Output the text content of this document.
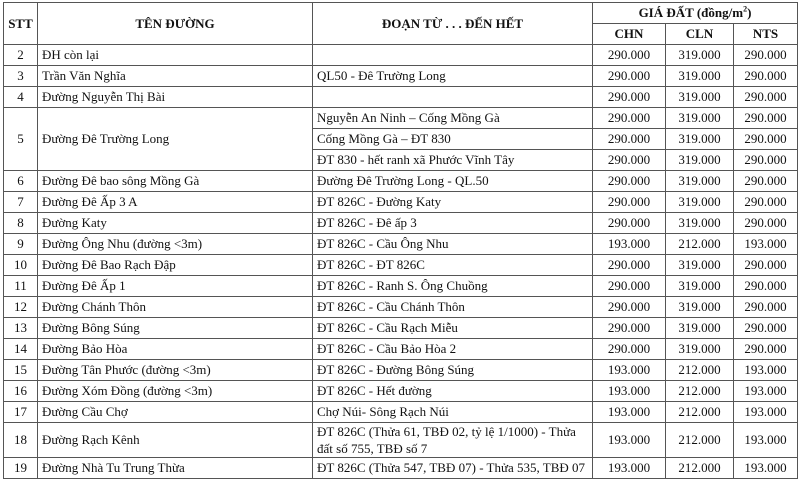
STT	TÊN ĐƯỜNG	ĐOẠN TỪ . . . ĐẾN HẾT	GIÁ ĐẤT $(đồng/m^2)$		
			CHN	CLN	NTS
2	ĐH còn lại		290.000	319.000	290.000
3	Trần Văn Nghĩa	QL50 - Đê Trường Long	290.000	319.000	290.000
4	Đường Nguyễn Thị Bài		290.000	319.000	290.000
5	Đường Đê Trường Long	Nguyễn An Ninh – Cống Mồng Gà	290.000	319.000	290.000
		Cống Mồng Gà – ĐT 830	290.000	319.000	290.000
		ĐT 830 - hết ranh xã Phước Vĩnh Tây	290.000	319.000	290.000
6	Đường Đê bao sông Mồng Gà	Đường Đê Trường Long - QL.50	290.000	319.000	290.000
7	Đường Đê Ấp 3 A	ĐT 826C - Đường Katy	290.000	319.000	290.000
8	Đường Katy	ĐT 826C - Đê ấp 3	290.000	319.000	290.000
9	Đường Ông Nhu (đường <3m)	ĐT 826C - Cầu Ông Nhu	193.000	212.000	193.000
10	Đường Đê Bao Rạch Đập	ĐT 826C - ĐT 826C	290.000	319.000	290.000
11	Đường Đê Ấp 1	ĐT 826C - Ranh S. Ông Chuồng	290.000	319.000	290.000
12	Đường Chánh Thôn	ĐT 826C - Cầu Chánh Thôn	290.000	319.000	290.000
13	Đường Bông Súng	ĐT 826C - Cầu Rạch Miễu	290.000	319.000	290.000
14	Đường Bảo Hòa	ĐT 826C - Cầu Bảo Hòa 2	290.000	319.000	290.000
15	Đường Tân Phước (đường <3m)	ĐT 826C - Đường Bông Súng	193.000	212.000	193.000
16	Đường Xóm Đồng (đường <3m)	ĐT 826C - Hết đường	193.000	212.000	193.000
17	Đường Cầu Chợ	Chợ Núi- Sông Rạch Núi	193.000	212.000	193.000
18	Đường Rạch Kênh	ĐT 826C (Thửa 61, TBĐ 02, tỷ lệ 1/1000) - Thửa đất số 755, TBĐ số 7	193.000	212.000	193.000
19	Đường Nhà Tu Trung Thừa	ĐT 826C (Thửa 547, TBĐ 07) - Thửa 535, TBĐ 07	193.000	212.000	193.000
